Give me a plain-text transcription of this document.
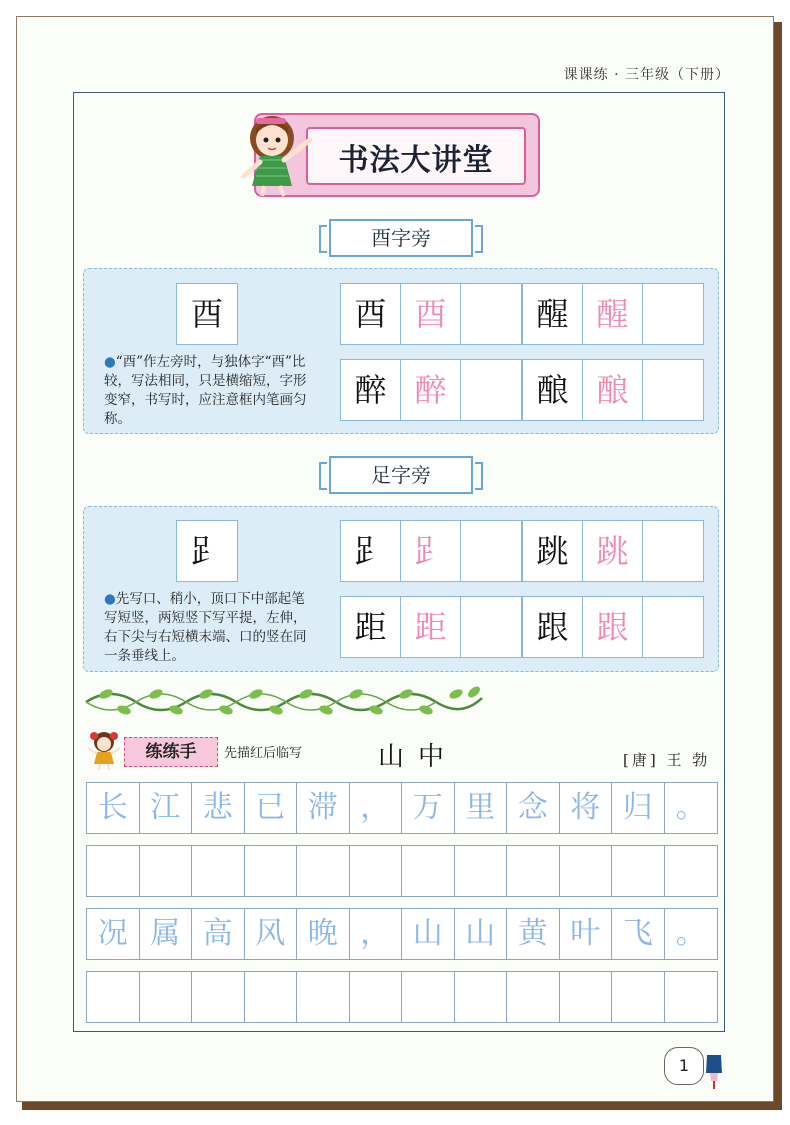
课课练 · 三年级（下册）
书法大讲堂
酉字旁
酉
●“酉”作左旁时，与独体字“酉”比较，写法相同，只是横缩短，字形变窄，书写时，应注意框内笔画匀称。
酉 酉	醒 醒
醉 醉	酿 酿
足字旁
𧾷
●先写口、稍小，顶口下中部起笔写短竖，两短竖下写平提，左伸，右下尖与右短横末端、口的竖在同一条垂线上。
𧾷 𧾷	跳 跳
距 距	跟 跟
练练手	先描红后临写	山中	[唐] 王 勃
长 江 悲 已 滞 ， 万 里 念 将 归 。
况 属 高 风 晚 ， 山 山 黄 叶 飞 。
1
